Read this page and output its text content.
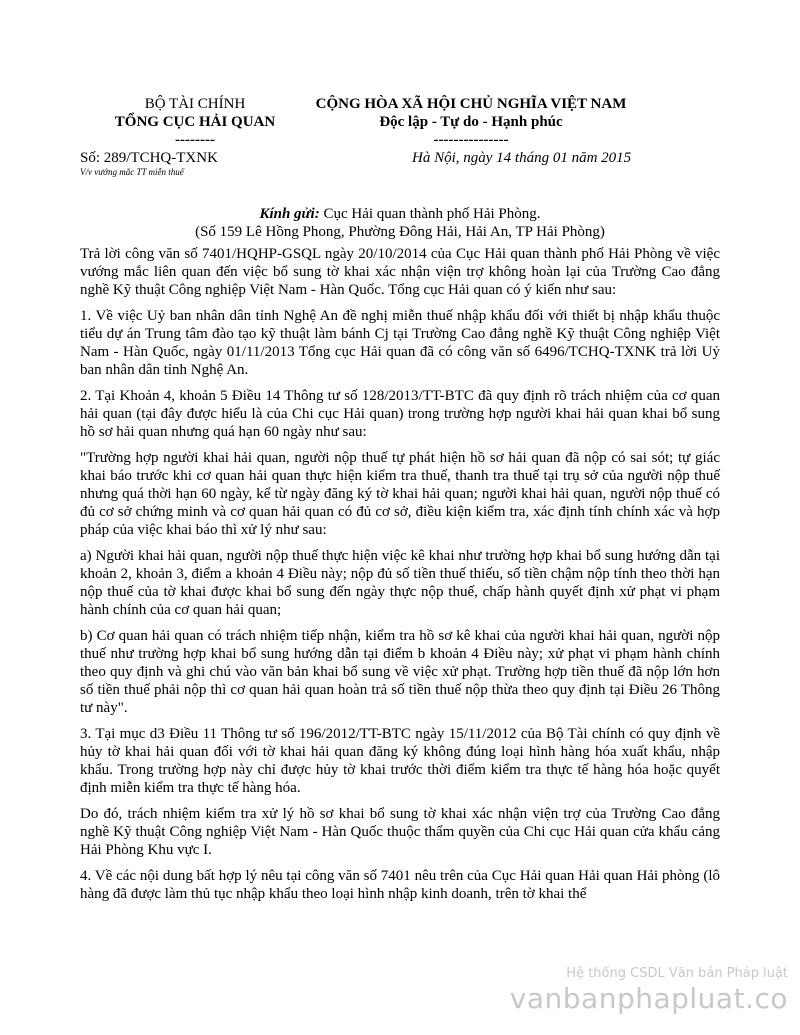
BỘ TÀI CHÍNH
TỔNG CỤC HẢI QUAN
--------
CỘNG HÒA XÃ HỘI CHỦ NGHĨA VIỆT NAM
Độc lập - Tự do - Hạnh phúc
---------------
Số: 289/TCHQ-TXNK
V/v vướng mắc TT miễn thuế
Hà Nội, ngày 14 tháng 01 năm 2015
Kính gửi: Cục Hải quan thành phố Hải Phòng.
(Số 159 Lê Hồng Phong, Phường Đông Hải, Hải An, TP Hải Phòng)

Trả lời công văn số 7401/HQHP-GSQL ngày 20/10/2014 của Cục Hải quan thành phố Hải Phòng về việc vướng mắc liên quan đến việc bổ sung tờ khai xác nhận viện trợ không hoàn lại của Trường Cao đẳng nghề Kỹ thuật Công nghiệp Việt Nam - Hàn Quốc. Tổng cục Hải quan có ý kiến như sau:

1. Về việc Uỷ ban nhân dân tỉnh Nghệ An đề nghị miễn thuế nhập khẩu đối với thiết bị nhập khẩu thuộc tiểu dự án Trung tâm đào tạo kỹ thuật làm bánh Cj tại Trường Cao đẳng nghề Kỹ thuật Công nghiệp Việt Nam - Hàn Quốc, ngày 01/11/2013 Tổng cục Hải quan đã có công văn số 6496/TCHQ-TXNK trả lời Uỷ ban nhân dân tỉnh Nghệ An.

2. Tại Khoản 4, khoản 5 Điều 14 Thông tư số 128/2013/TT-BTC đã quy định rõ trách nhiệm của cơ quan hải quan (tại đây được hiểu là của Chi cục Hải quan) trong trường hợp người khai hải quan khai bổ sung hồ sơ hải quan nhưng quá hạn 60 ngày như sau:

"Trường hợp người khai hải quan, người nộp thuế tự phát hiện hồ sơ hải quan đã nộp có sai sót; tự giác khai báo trước khi cơ quan hải quan thực hiện kiểm tra thuế, thanh tra thuế tại trụ sở của người nộp thuế nhưng quá thời hạn 60 ngày, kể từ ngày đăng ký tờ khai hải quan; người khai hải quan, người nộp thuế có đủ cơ sở chứng minh và cơ quan hải quan có đủ cơ sở, điều kiện kiểm tra, xác định tính chính xác và hợp pháp của việc khai báo thì xử lý như sau:

a) Người khai hải quan, người nộp thuế thực hiện việc kê khai như trường hợp khai bổ sung hướng dẫn tại khoản 2, khoản 3, điểm a khoản 4 Điều này; nộp đủ số tiền thuế thiếu, số tiền chậm nộp tính theo thời hạn nộp thuế của tờ khai được khai bổ sung đến ngày thực nộp thuế, chấp hành quyết định xử phạt vi phạm hành chính của cơ quan hải quan;

b) Cơ quan hải quan có trách nhiệm tiếp nhận, kiểm tra hồ sơ kê khai của người khai hải quan, người nộp thuế như trường hợp khai bổ sung hướng dẫn tại điểm b khoản 4 Điều này; xử phạt vi phạm hành chính theo quy định và ghi chú vào văn bản khai bổ sung về việc xử phạt. Trường hợp tiền thuế đã nộp lớn hơn số tiền thuế phải nộp thì cơ quan hải quan hoàn trả số tiền thuế nộp thừa theo quy định tại Điều 26 Thông tư này".

3. Tại mục d3 Điều 11 Thông tư số 196/2012/TT-BTC ngày 15/11/2012 của Bộ Tài chính có quy định về hủy tờ khai hải quan đối với tờ khai hải quan đăng ký không đúng loại hình hàng hóa xuất khẩu, nhập khẩu. Trong trường hợp này chỉ được hủy tờ khai trước thời điểm kiểm tra thực tế hàng hóa hoặc quyết định miễn kiểm tra thực tế hàng hóa.

Do đó, trách nhiệm kiểm tra xử lý hồ sơ khai bổ sung tờ khai xác nhận viện trợ của Trường Cao đẳng nghề Kỹ thuật Công nghiệp Việt Nam - Hàn Quốc thuộc thẩm quyền của Chi cục Hải quan cửa khẩu cảng Hải Phòng Khu vực I.

4. Về các nội dung bất hợp lý nêu tại công văn số 7401 nêu trên của Cục Hải quan Hải quan Hải phòng (lô hàng đã được làm thủ tục nhập khẩu theo loại hình nhập kinh doanh, trên tờ khai thể

Hệ thống CSDL Văn bản Pháp luật
vanbanphapluat.co
